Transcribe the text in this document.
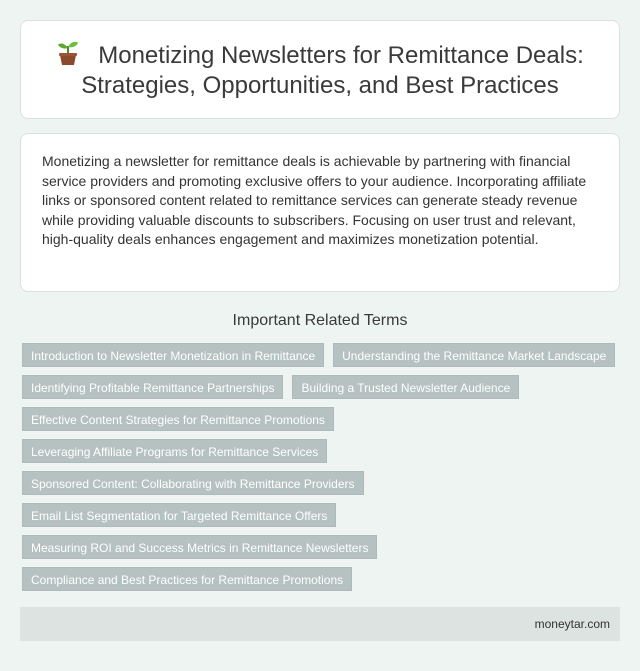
Monetizing Newsletters for Remittance Deals: Strategies, Opportunities, and Best Practices

Monetizing a newsletter for remittance deals is achievable by partnering with financial service providers and promoting exclusive offers to your audience. Incorporating affiliate links or sponsored content related to remittance services can generate steady revenue while providing valuable discounts to subscribers. Focusing on user trust and relevant, high-quality deals enhances engagement and maximizes monetization potential.

Important Related Terms
Introduction to Newsletter Monetization in Remittance	Understanding the Remittance Market Landscape
Identifying Profitable Remittance Partnerships	Building a Trusted Newsletter Audience
Effective Content Strategies for Remittance Promotions
Leveraging Affiliate Programs for Remittance Services
Sponsored Content: Collaborating with Remittance Providers
Email List Segmentation for Targeted Remittance Offers
Measuring ROI and Success Metrics in Remittance Newsletters
Compliance and Best Practices for Remittance Promotions
moneytar.com
